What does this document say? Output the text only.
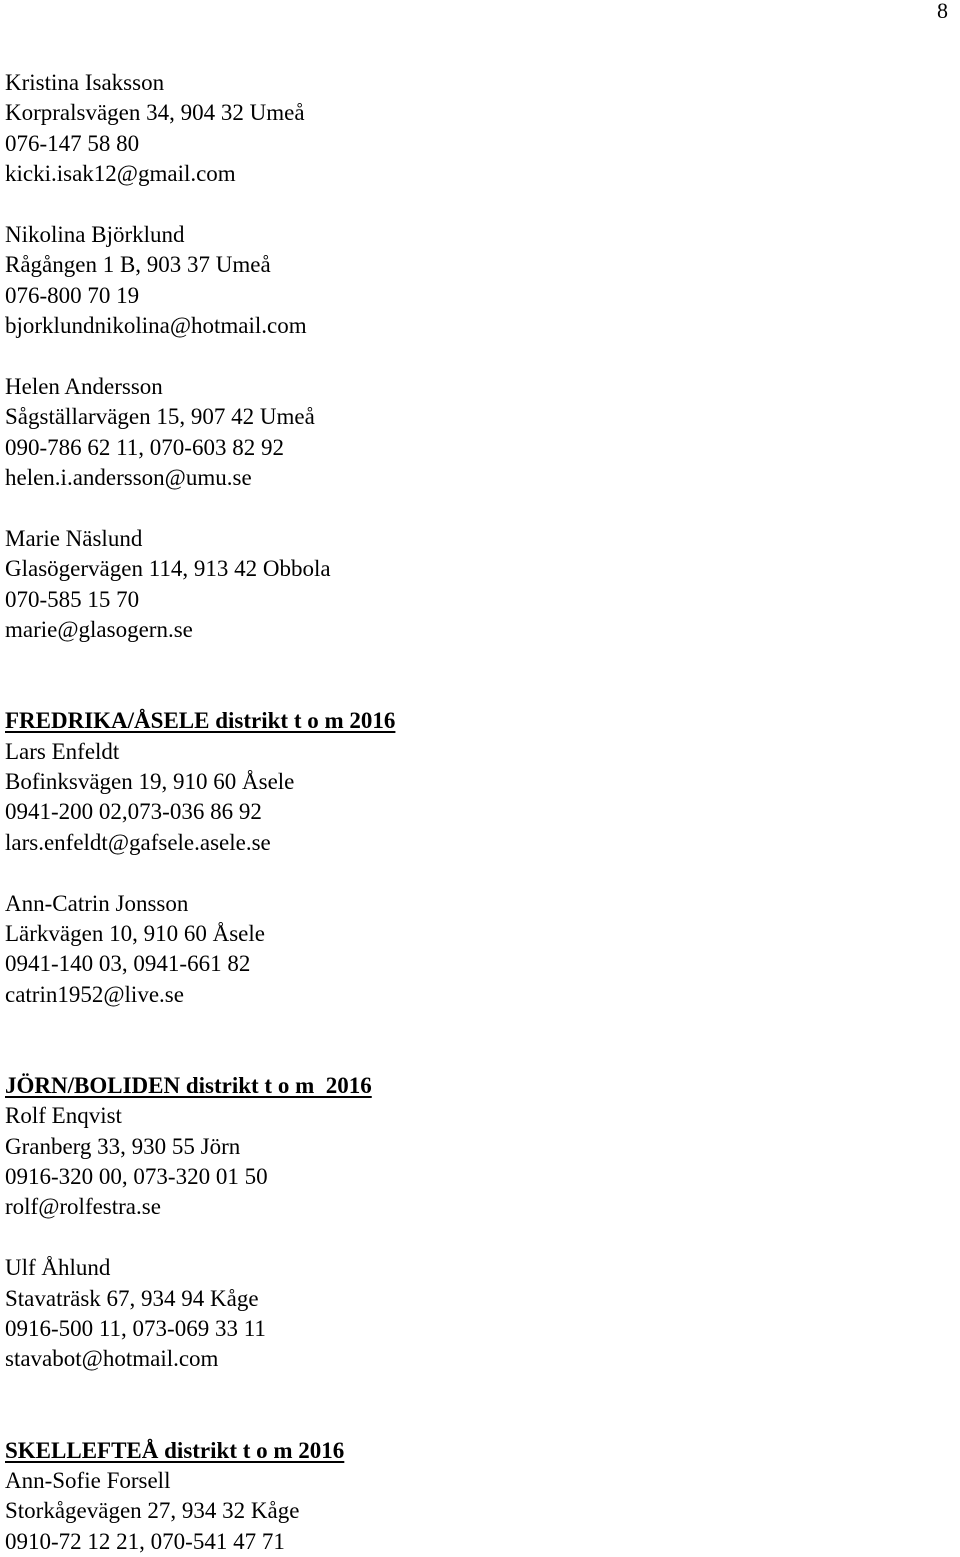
8
Kristina Isaksson
Korpralsvägen 34, 904 32 Umeå
076-147 58 80
kicki.isak12@gmail.com
Nikolina Björklund
Rågången 1 B, 903 37 Umeå
076-800 70 19
bjorklundnikolina@hotmail.com
Helen Andersson
Sågställarvägen 15, 907 42 Umeå
090-786 62 11, 070-603 82 92
helen.i.andersson@umu.se
Marie Näslund
Glasögervägen 114, 913 42 Obbola
070-585 15 70
marie@glasogern.se
FREDRIKA/ÅSELE distrikt t o m 2016
Lars Enfeldt
Bofinksvägen 19, 910 60 Åsele
0941-200 02,073-036 86 92
lars.enfeldt@gafsele.asele.se
Ann-Catrin Jonsson
Lärkvägen 10, 910 60 Åsele
0941-140 03, 0941-661 82
catrin1952@live.se
JÖRN/BOLIDEN distrikt t o m  2016
Rolf Enqvist
Granberg 33, 930 55 Jörn
0916-320 00, 073-320 01 50
rolf@rolfestra.se
Ulf Åhlund
Stavaträsk 67, 934 94 Kåge
0916-500 11, 073-069 33 11
stavabot@hotmail.com
SKELLEFTEÅ distrikt t o m 2016
Ann-Sofie Forsell
Storkågevägen 27, 934 32 Kåge
0910-72 12 21, 070-541 47 71
